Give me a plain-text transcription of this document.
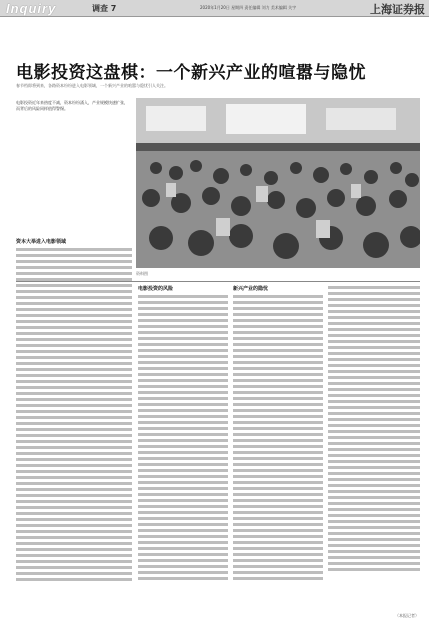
Inquiry	调查 7	2020年1月20日 星期四 责任编辑 刘力 美术编辑 关宇	上海证券报
电影投资这盘棋：一个新兴产业的喧嚣与隐忧
春节档即将到来，各路资本纷纷进入电影领域，一个新兴产业的喧嚣与隐忧引人关注。
电影投资近年来热度不减，资本纷纷涌入，产业规模快速扩张，而背后的风险同样值得警惕。
资料图
资本大举进入电影领域
电影投资的风险	新兴产业的隐忧
（本报记者）
